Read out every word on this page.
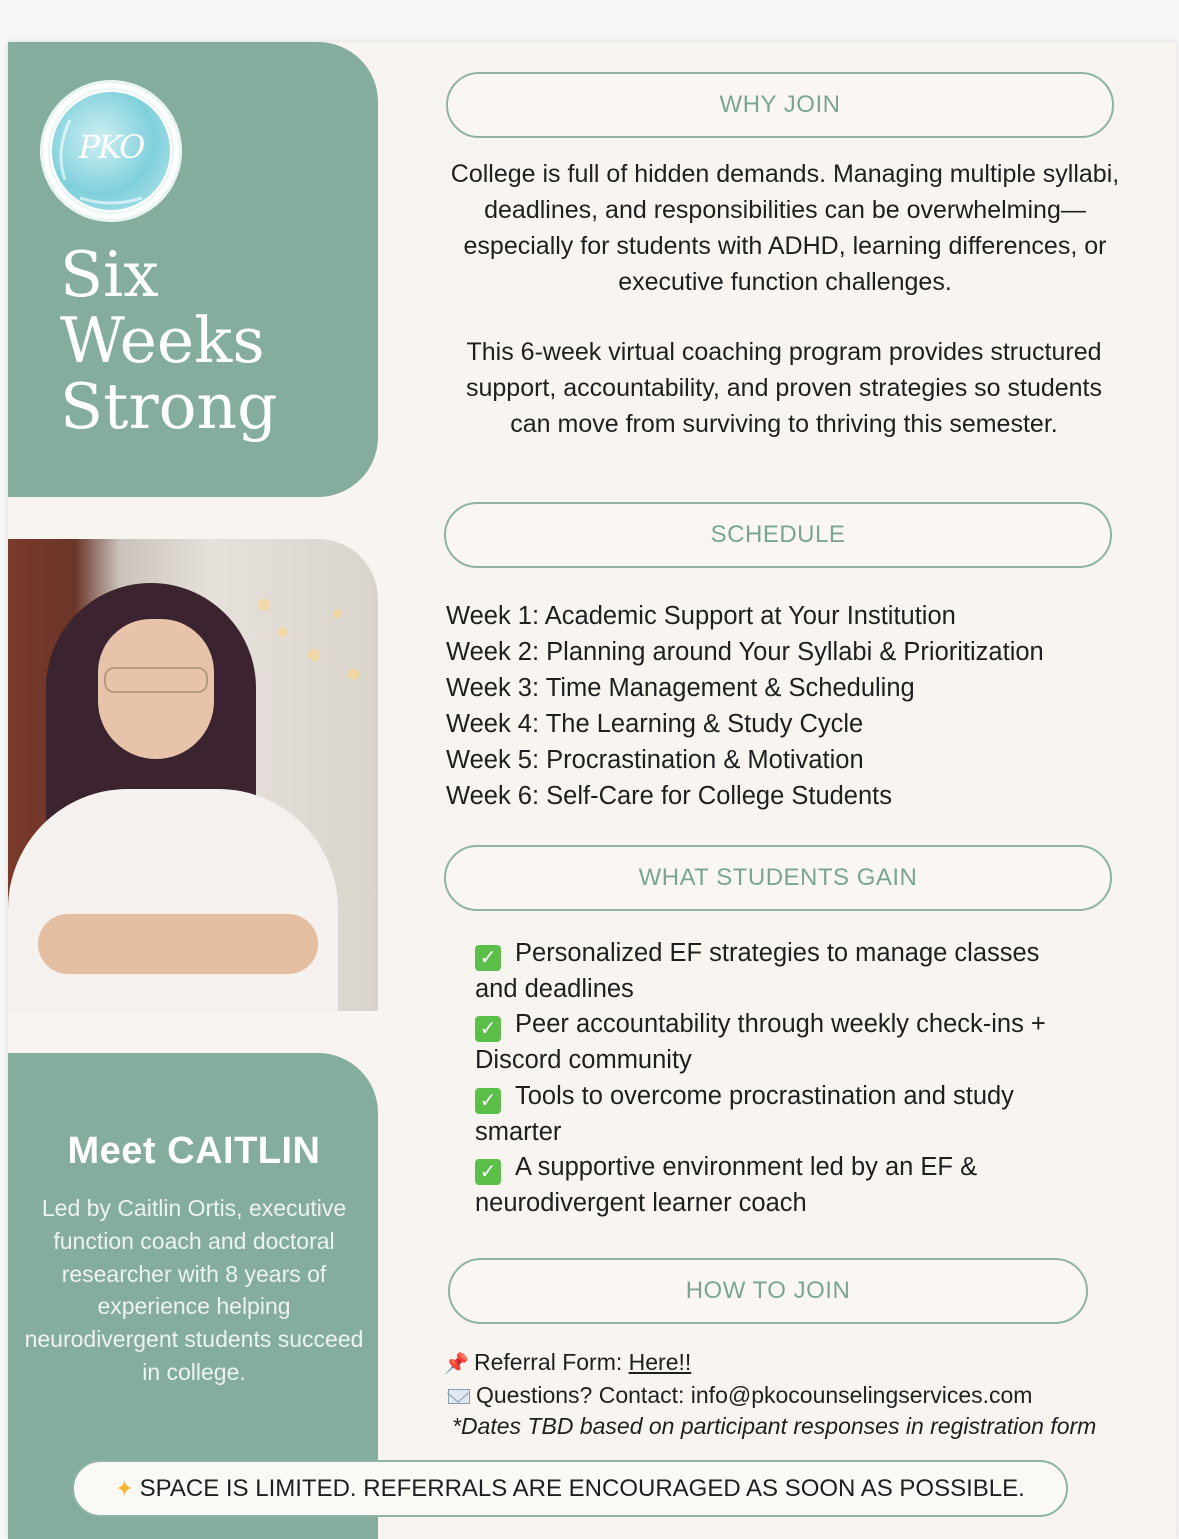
PKO
Six
Weeks
Strong
Meet CAITLIN
Led by Caitlin Ortis, executive function coach and doctoral researcher with 8 years of experience helping neurodivergent students succeed in college.
WHY JOIN
College is full of hidden demands. Managing multiple syllabi, deadlines, and responsibilities can be overwhelming—especially for students with ADHD, learning differences, or executive function challenges.
This 6-week virtual coaching program provides structured support, accountability, and proven strategies so students can move from surviving to thriving this semester.
SCHEDULE
Week 1: Academic Support at Your Institution
Week 2: Planning around Your Syllabi & Prioritization
Week 3: Time Management & Scheduling
Week 4: The Learning & Study Cycle
Week 5: Procrastination & Motivation
Week 6: Self-Care for College Students
WHAT STUDENTS GAIN

✓ Personalized EF strategies to manage classes and deadlines

✓ Peer accountability through weekly check-ins + Discord community

✓ Tools to overcome procrastination and study smarter

✓ A supportive environment led by an EF & neurodivergent learner coach

HOW TO JOIN
📌 Referral Form: Here!!
Questions? Contact: info@pkocounselingservices.com
*Dates TBD based on participant responses in registration form
✦ SPACE IS LIMITED. REFERRALS ARE ENCOURAGED AS SOON AS POSSIBLE.
